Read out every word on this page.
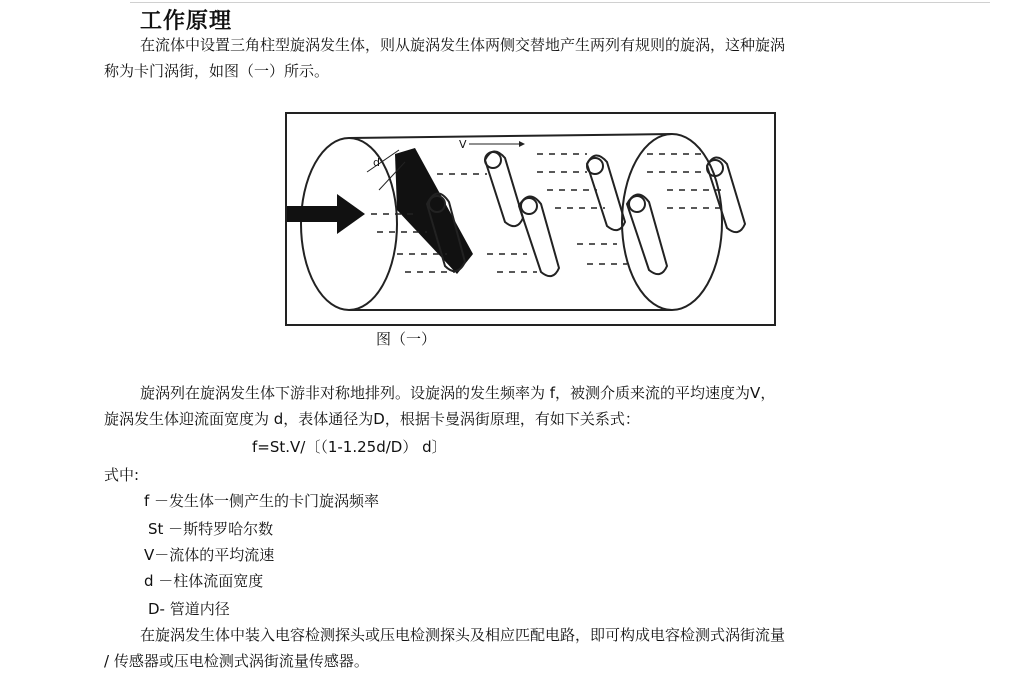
工作原理
在流体中设置三角柱型旋涡发生体，则从旋涡发生体两侧交替地产生两列有规则的旋涡，这种旋涡
称为卡门涡街，如图（一）所示。
d
V
图（一）
旋涡列在旋涡发生体下游非对称地排列。设旋涡的发生频率为 f，被测介质来流的平均速度为V，
旋涡发生体迎流面宽度为 d，表体通径为D，根据卡曼涡街原理，有如下关系式：
f=St.V/〔（1-1.25d/D） d〕
式中:
f －发生体一侧产生的卡门旋涡频率
St －斯特罗哈尔数
V－流体的平均流速
d －柱体流面宽度
D- 管道内径
在旋涡发生体中装入电容检测探头或压电检测探头及相应匹配电路，即可构成电容检测式涡街流量
/ 传感器或压电检测式涡街流量传感器。
